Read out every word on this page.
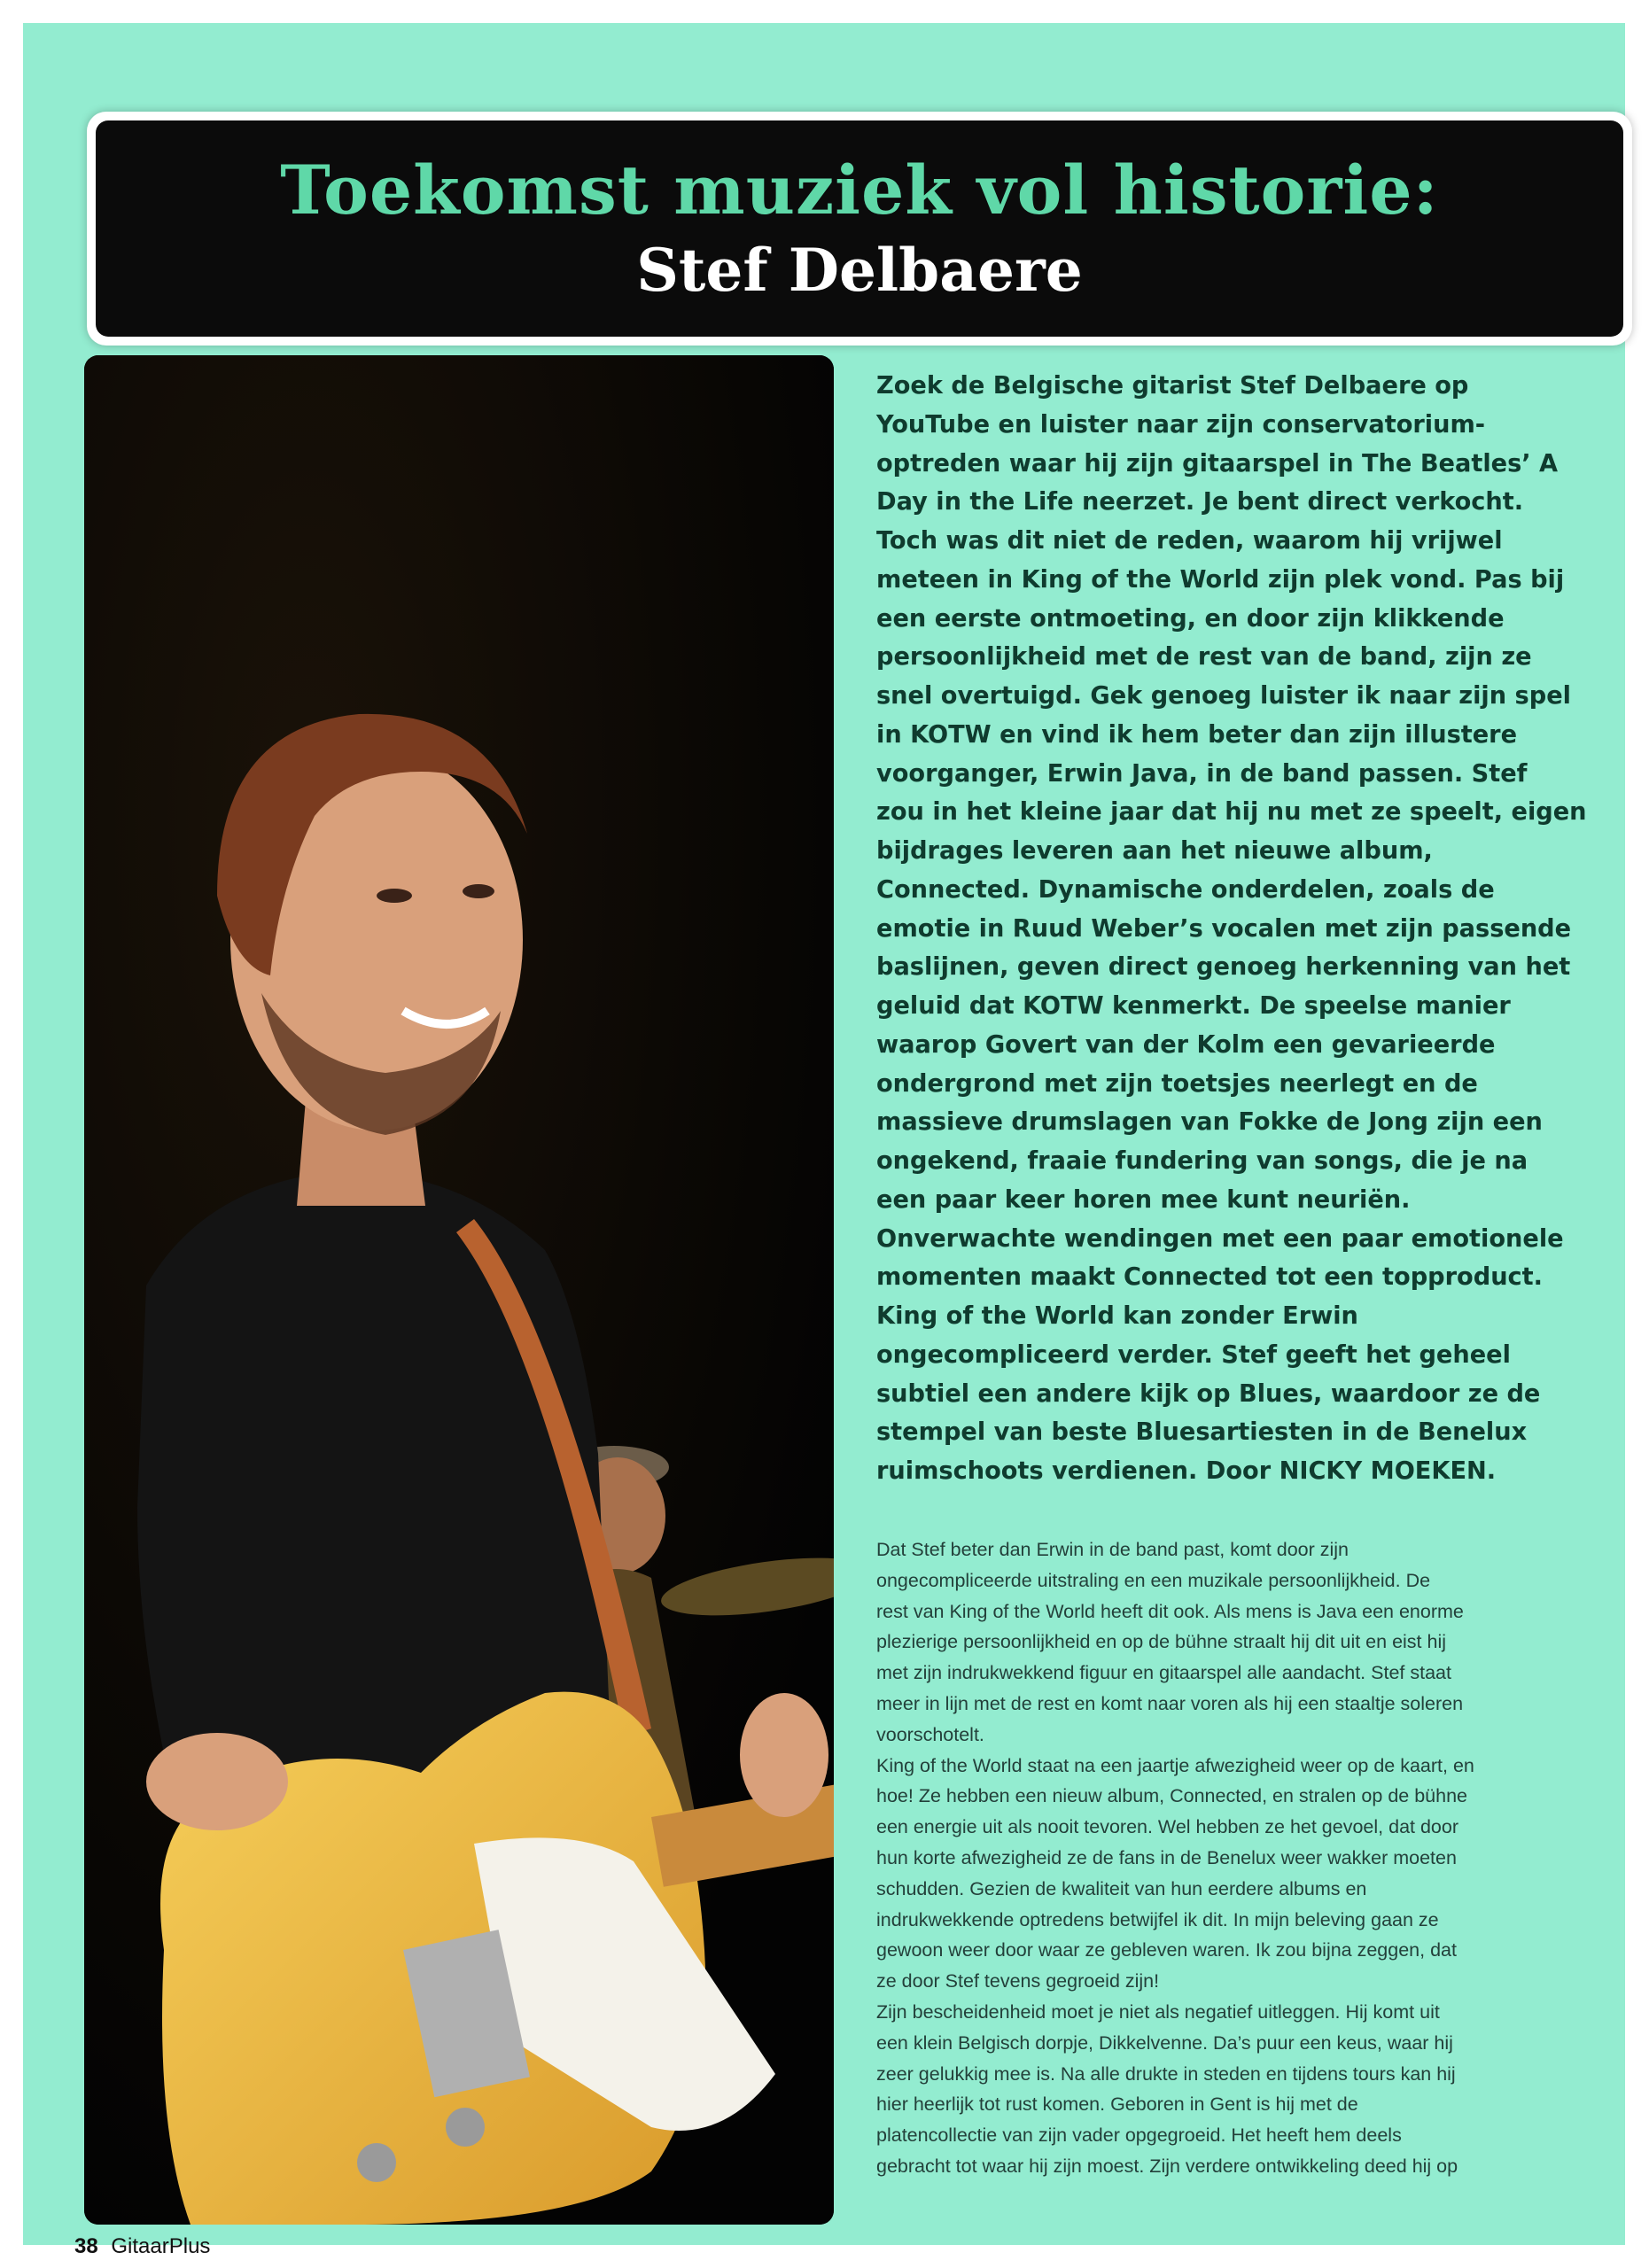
Toekomst muziek vol historie:
Stef Delbaere
Zoek de Belgische gitarist Stef Delbaere op
YouTube en luister naar zijn conservatorium-
optreden waar hij zijn gitaarspel in The Beatles’ A
Day in the Life neerzet. Je bent direct verkocht.
Toch was dit niet de reden, waarom hij vrijwel
meteen in King of the World zijn plek vond. Pas bij
een eerste ontmoeting, en door zijn klikkende
persoonlijkheid met de rest van de band, zijn ze
snel overtuigd. Gek genoeg luister ik naar zijn spel
in KOTW en vind ik hem beter dan zijn illustere
voorganger, Erwin Java, in de band passen. Stef
zou in het kleine jaar dat hij nu met ze speelt, eigen
bijdrages leveren aan het nieuwe album,
Connected. Dynamische onderdelen, zoals de
emotie in Ruud Weber’s vocalen met zijn passende
baslijnen, geven direct genoeg herkenning van het
geluid dat KOTW kenmerkt. De speelse manier
waarop Govert van der Kolm een gevarieerde
ondergrond met zijn toetsjes neerlegt en de
massieve drumslagen van Fokke de Jong zijn een
ongekend, fraaie fundering van songs, die je na
een paar keer horen mee kunt neuriën.
Onverwachte wendingen met een paar emotionele
momenten maakt Connected tot een topproduct.
King of the World kan zonder Erwin
ongecompliceerd verder. Stef geeft het geheel
subtiel een andere kijk op Blues, waardoor ze de
stempel van beste Bluesartiesten in de Benelux
ruimschoots verdienen. Door NICKY MOEKEN.
Dat Stef beter dan Erwin in de band past, komt door zijn
ongecompliceerde uitstraling en een muzikale persoonlijkheid. De
rest van King of the World heeft dit ook. Als mens is Java een enorme
plezierige persoonlijkheid en op de bühne straalt hij dit uit en eist hij
met zijn indrukwekkend figuur en gitaarspel alle aandacht. Stef staat
meer in lijn met de rest en komt naar voren als hij een staaltje soleren
voorschotelt.
King of the World staat na een jaartje afwezigheid weer op de kaart, en
hoe! Ze hebben een nieuw album, Connected, en stralen op de bühne
een energie uit als nooit tevoren. Wel hebben ze het gevoel, dat door
hun korte afwezigheid ze de fans in de Benelux weer wakker moeten
schudden. Gezien de kwaliteit van hun eerdere albums en
indrukwekkende optredens betwijfel ik dit. In mijn beleving gaan ze
gewoon weer door waar ze gebleven waren. Ik zou bijna zeggen, dat
ze door Stef tevens gegroeid zijn!
Zijn bescheidenheid moet je niet als negatief uitleggen. Hij komt uit
een klein Belgisch dorpje, Dikkelvenne. Da’s puur een keus, waar hij
zeer gelukkig mee is. Na alle drukte in steden en tijdens tours kan hij
hier heerlijk tot rust komen. Geboren in Gent is hij met de
platencollectie van zijn vader opgegroeid. Het heeft hem deels
gebracht tot waar hij zijn moest. Zijn verdere ontwikkeling deed hij op
38 GitaarPlus
